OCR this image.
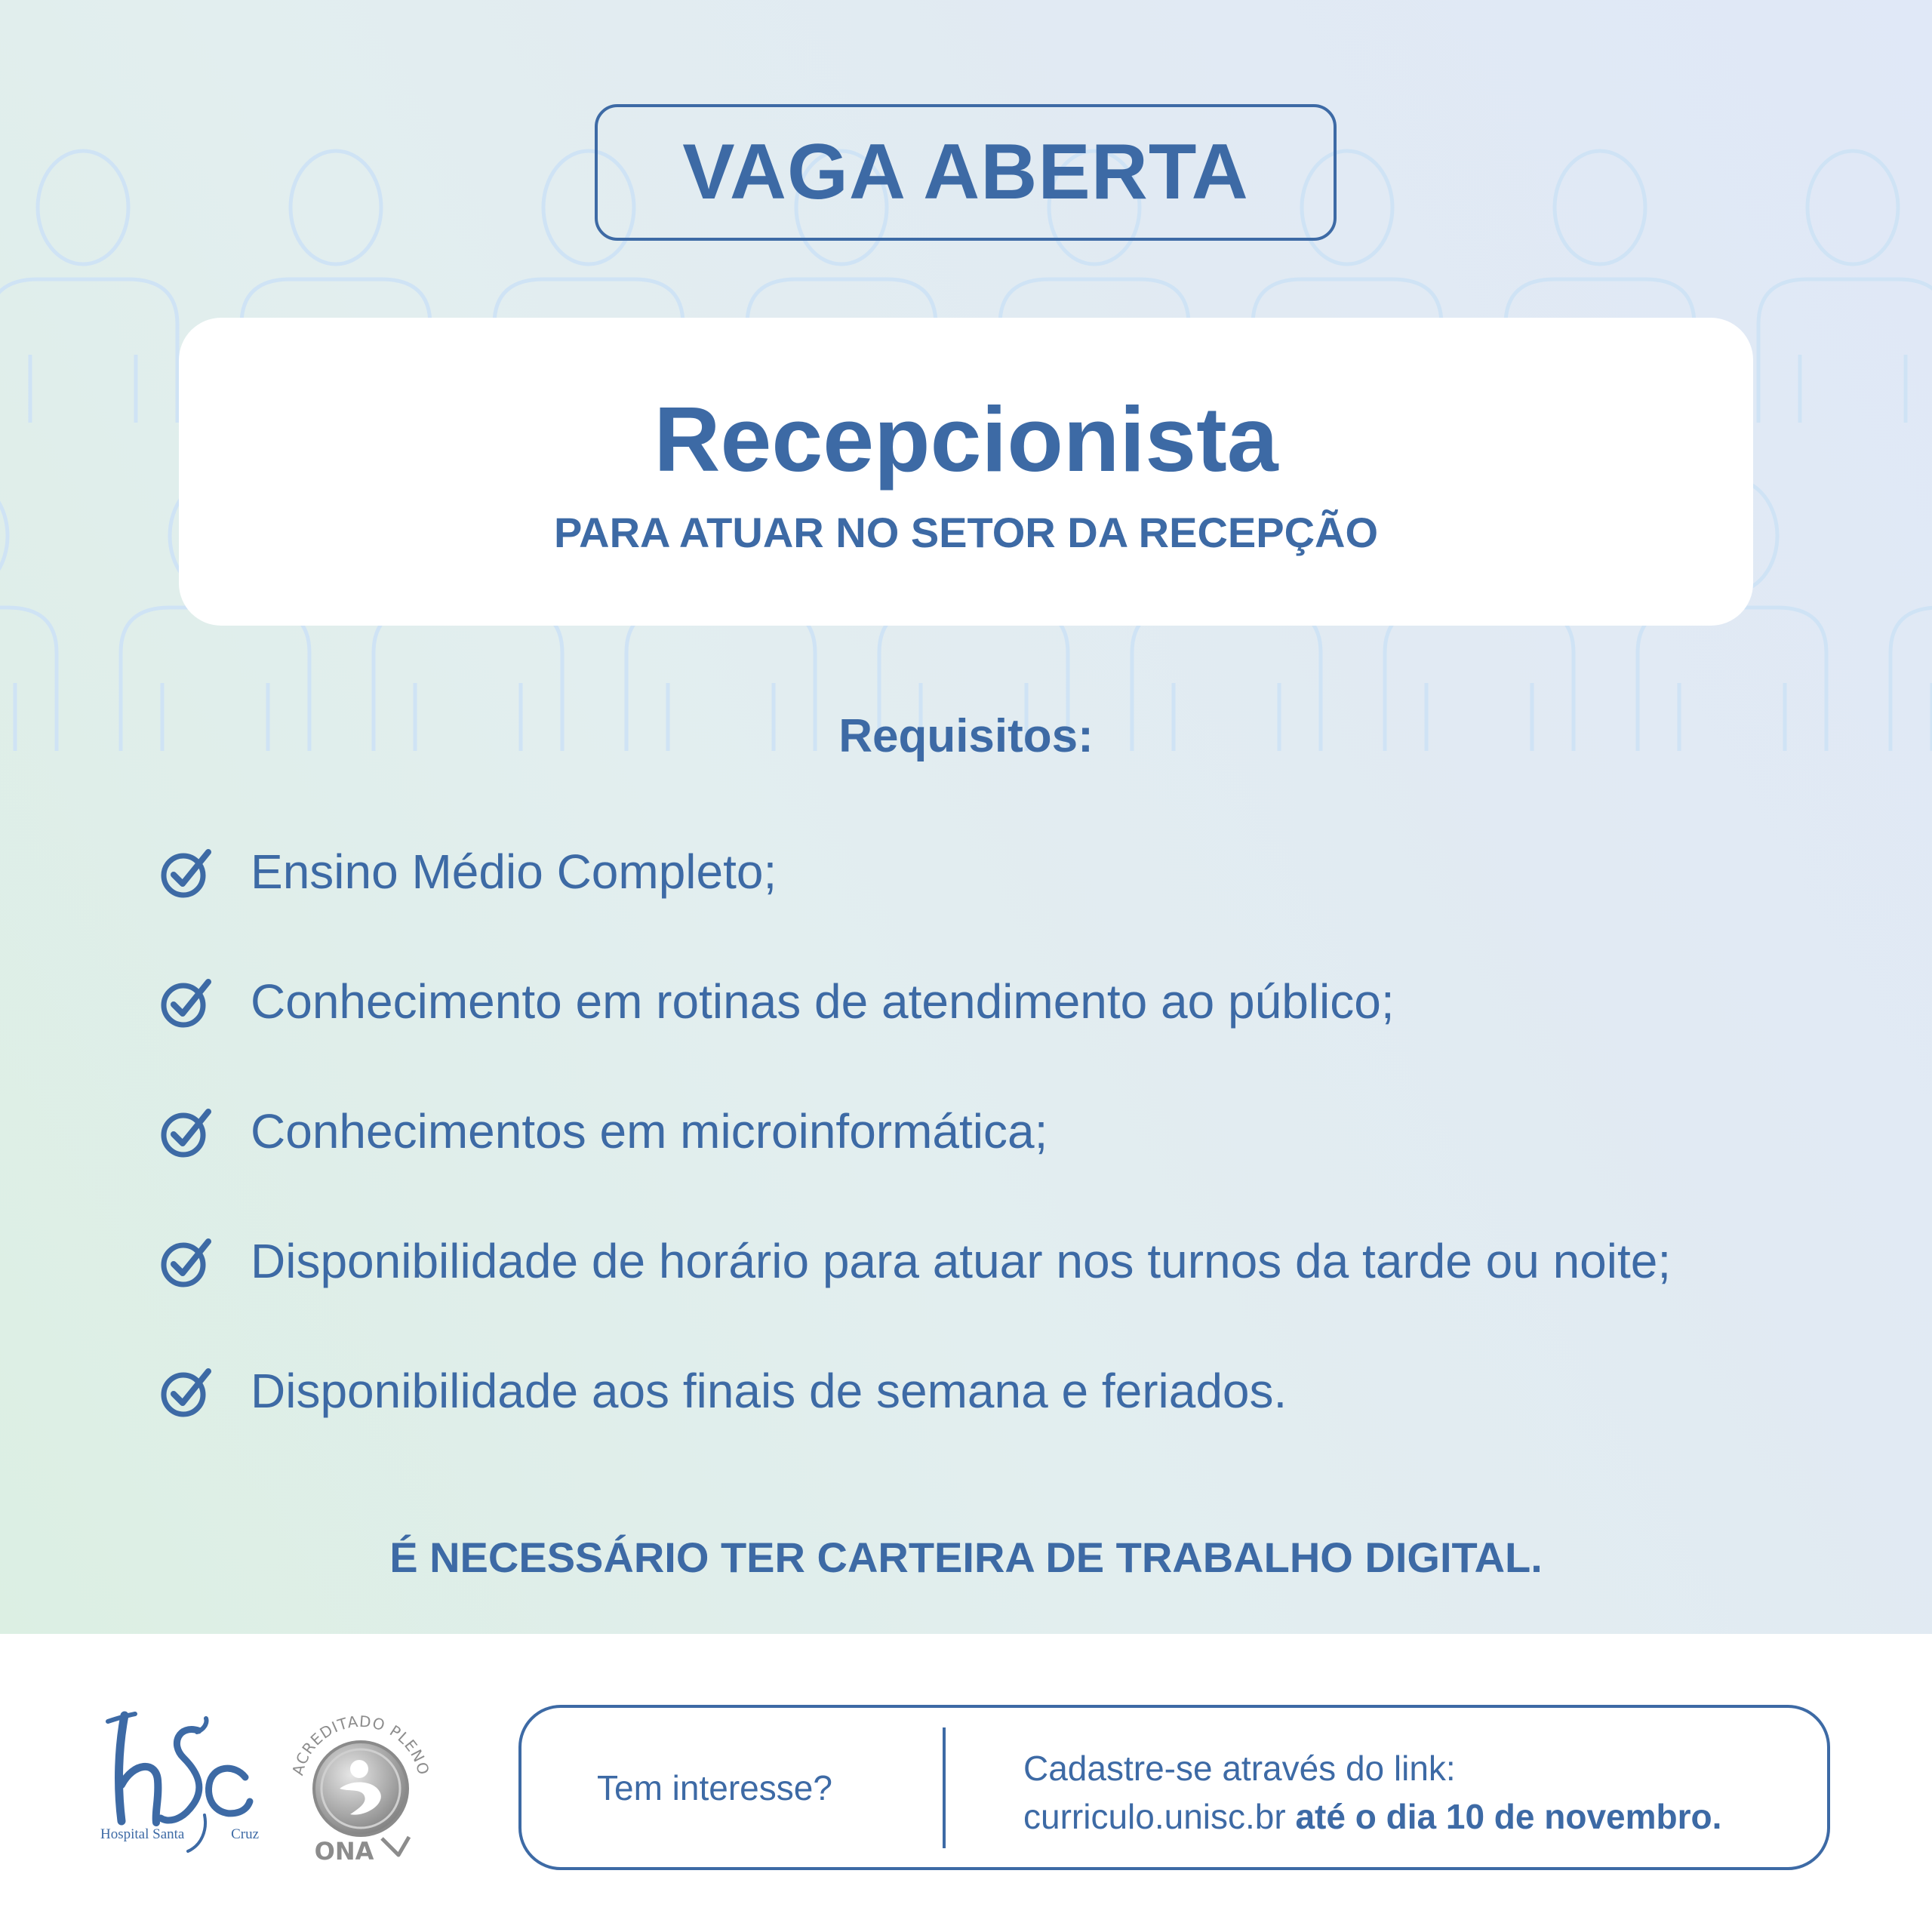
VAGA ABERTA
Recepcionista
PARA ATUAR NO SETOR DA RECEPÇÃO
Requisitos:
Ensino Médio Completo;
Conhecimento em rotinas de atendimento ao público;
Conhecimentos em microinformática;
Disponibilidade de horário para atuar nos turnos da tarde ou noite;
Disponibilidade aos finais de semana e feriados.
É NECESSÁRIO TER CARTEIRA DE TRABALHO DIGITAL.
Hospital Santa	Cruz
ACREDITADO PLENO
ONA
Tem interesse?	Cadastre-se através do link:
curriculo.unisc.br até o dia 10 de novembro.
